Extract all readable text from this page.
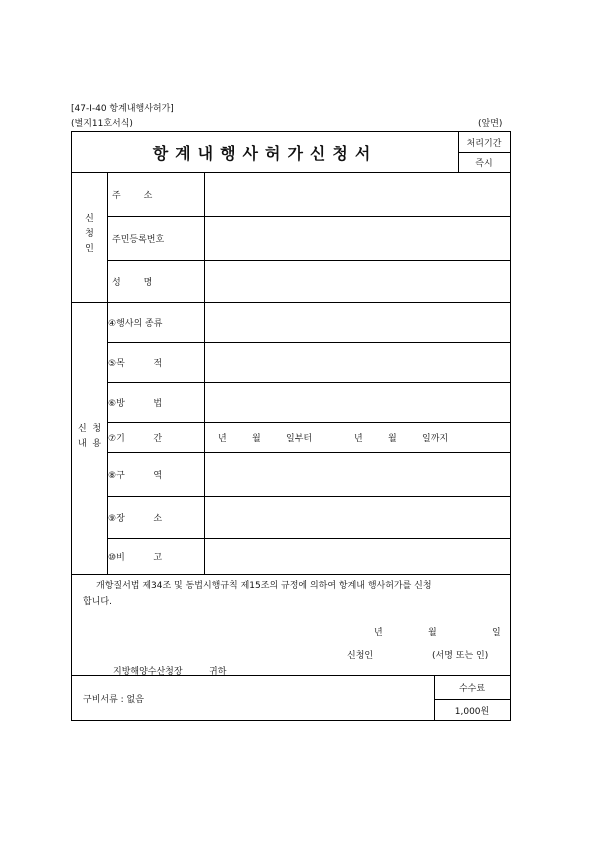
[47-Ⅰ-40 항계내행사허가]
(별지11호서식)	(앞면)
항계내행사허가신청서	처리기간
즉시
신
청
인
주        소
주민등록번호
성        명
신  청
내  용
④행사의 종류
⑤목          적
⑥방          법
⑦기          간	년	월	일부터	년	월	일까지
⑧구          역
⑨장          소
⑩비          고
개항질서법 제34조 및 동법시행규칙 제15조의 규정에 의하여 항계내 행사허가를 신청
합니다.
년	월	일
신청인	(서명 또는 인)
지방해양수산청장	귀하
구비서류 : 없음
수수료
1,000원
